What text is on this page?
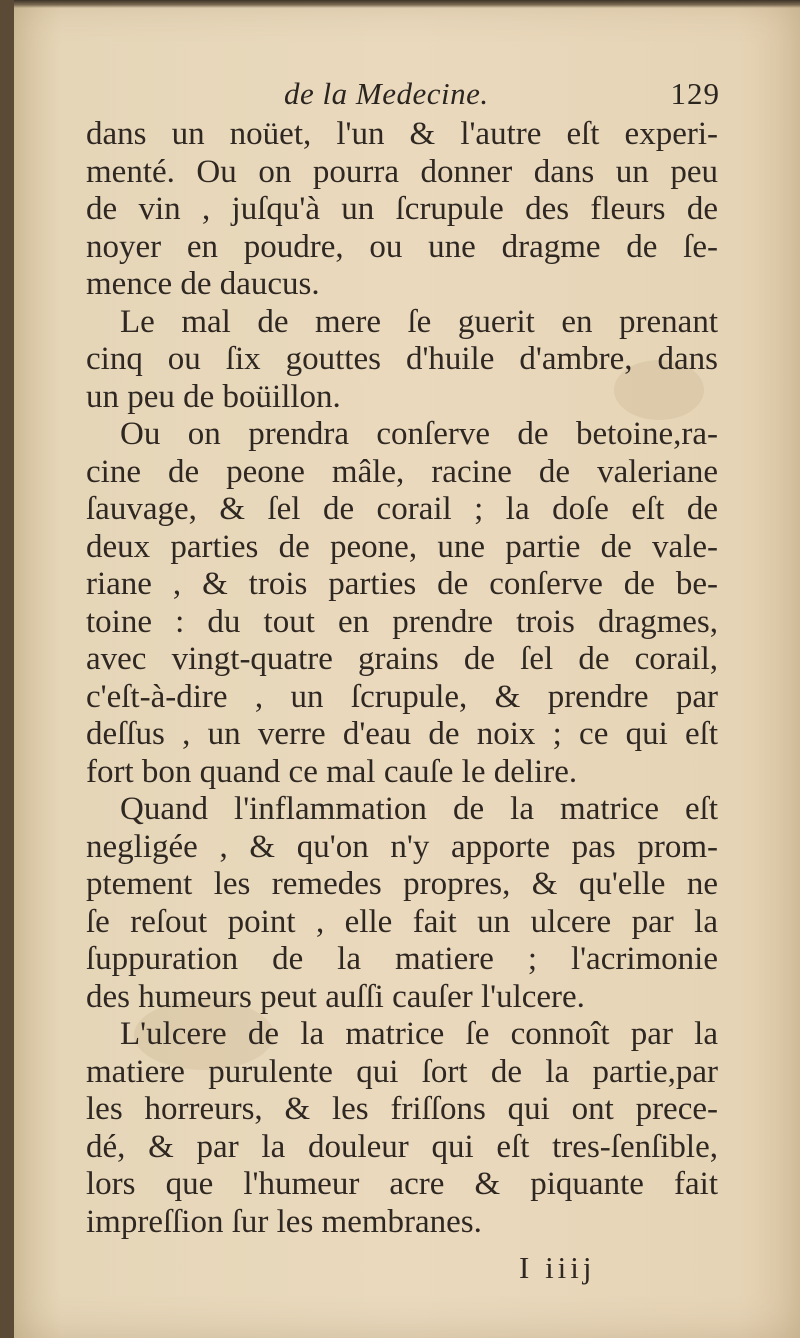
de la Medecine.	129
dans un noüet, l'un & l'autre eſt experi-
menté. Ou on pourra donner dans un peu
de vin , juſqu'à un ſcrupule des fleurs de
noyer en poudre, ou une dragme de ſe-
mence de daucus.
Le mal de mere ſe guerit en prenant
cinq ou ſix gouttes d'huile d'ambre, dans
un peu de boüillon.
Ou on prendra conſerve de betoine,ra-
cine de peone mâle, racine de valeriane
ſauvage, & ſel de corail ; la doſe eſt de
deux parties de peone, une partie de vale-
riane , & trois parties de conſerve de be-
toine : du tout en prendre trois dragmes,
avec vingt-quatre grains de ſel de corail,
c'eſt-à-dire , un ſcrupule, & prendre par
deſſus , un verre d'eau de noix ; ce qui eſt
fort bon quand ce mal cauſe le delire.
Quand l'inflammation de la matrice eſt
negligée , & qu'on n'y apporte pas prom-
ptement les remedes propres, & qu'elle ne
ſe reſout point , elle fait un ulcere par la
ſuppuration de la matiere ; l'acrimonie
des humeurs peut auſſi cauſer l'ulcere.
L'ulcere de la matrice ſe connoît par la
matiere purulente qui ſort de la partie,par
les horreurs, & les friſſons qui ont prece-
dé, & par la douleur qui eſt tres-ſenſible,
lors que l'humeur acre & piquante fait
impreſſion ſur les membranes.
I iiij
